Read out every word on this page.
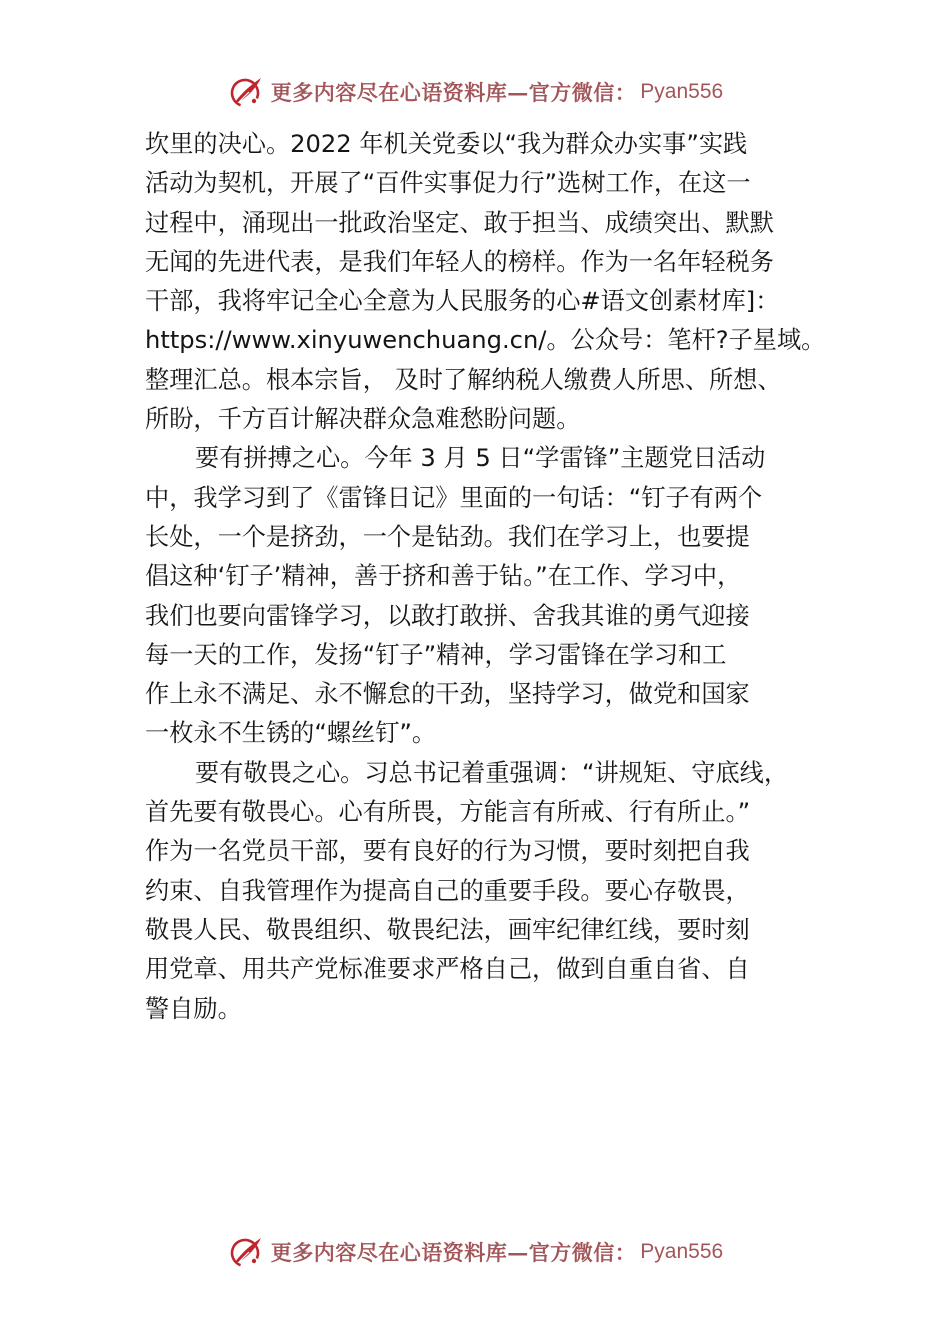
更多内容尽在心语资料库—官方微信： Pyan556
坎里的决心。2022 年机关党委以“我为群众办实事”实践
活动为契机，开展了“百件实事促力行”选树工作，在这一
过程中，涌现出一批政治坚定、敢于担当、成绩突出、默默
无闻的先进代表，是我们年轻人的榜样。作为一名年轻税务
干部，我将牢记全心全意为人民服务的心#语文创素材库]：
https://www.xinyuwenchuang.cn/。公众号：笔杆?子星域。
整理汇总。根本宗旨， 及时了解纳税人缴费人所思、所想、
所盼，千方百计解决群众急难愁盼问题。
要有拼搏之心。今年 3 月 5 日“学雷锋”主题党日活动
中，我学习到了《雷锋日记》里面的一句话：“钉子有两个
长处，一个是挤劲，一个是钻劲。我们在学习上，也要提
倡这种‘钉子’精神，善于挤和善于钻。”在工作、学习中，
我们也要向雷锋学习，以敢打敢拼、舍我其谁的勇气迎接
每一天的工作，发扬“钉子”精神，学习雷锋在学习和工
作上永不满足、永不懈怠的干劲，坚持学习，做党和国家
一枚永不生锈的“螺丝钉”。
要有敬畏之心。习总书记着重强调：“讲规矩、守底线，
首先要有敬畏心。心有所畏，方能言有所戒、行有所止。”
作为一名党员干部，要有良好的行为习惯，要时刻把自我
约束、自我管理作为提高自己的重要手段。要心存敬畏，
敬畏人民、敬畏组织、敬畏纪法，画牢纪律红线，要时刻
用党章、用共产党标准要求严格自己，做到自重自省、自
警自励。
更多内容尽在心语资料库—官方微信： Pyan556
